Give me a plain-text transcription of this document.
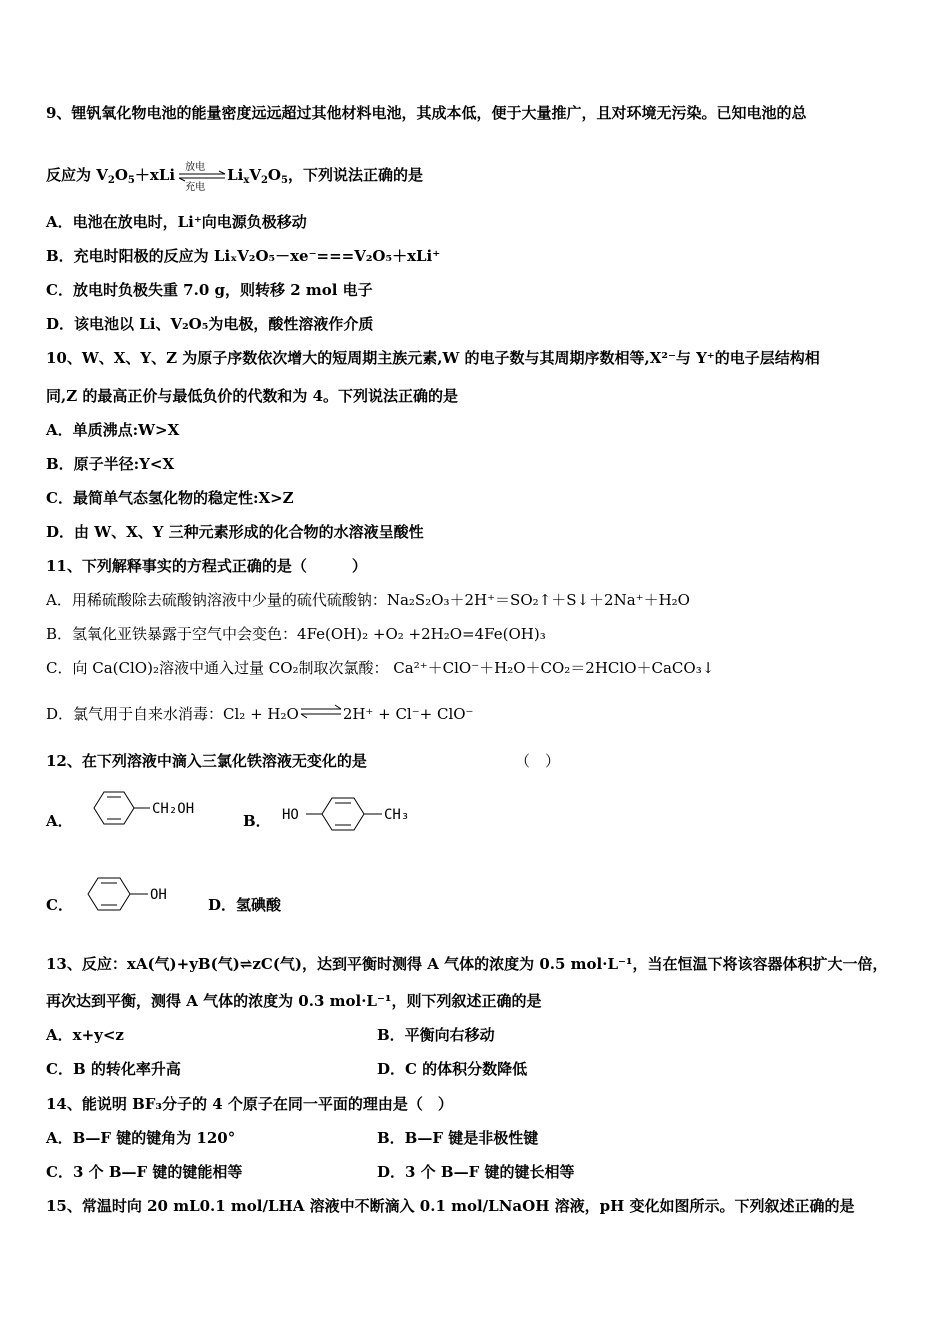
9、锂钒氧化物电池的能量密度远远超过其他材料电池，其成本低，便于大量推广，且对环境无污染。已知电池的总
反应为 $V_2O_5+xLi$ 放电
充电
$Li_xV_2O_5$，下列说法正确的是
A．电池在放电时，Li⁺向电源负极移动
B．充电时阳极的反应为 LiₓV₂O₅－xe⁻===V₂O₅＋xLi⁺
C．放电时负极失重 7.0 g，则转移 2 mol 电子
D．该电池以 Li、V₂O₅为电极，酸性溶液作介质
10、W、X、Y、Z 为原子序数依次增大的短周期主族元素,W 的电子数与其周期序数相等,X²⁻与 Y⁺的电子层结构相
同,Z 的最高正价与最低负价的代数和为 4。下列说法正确的是
A．单质沸点:W>X
B．原子半径:Y<X
C．最简单气态氢化物的稳定性:X>Z
D．由 W、X、Y 三种元素形成的化合物的水溶液呈酸性
11、下列解释事实的方程式正确的是（　　　）
A．用稀硫酸除去硫酸钠溶液中少量的硫代硫酸钠：Na₂S₂O₃＋2H⁺＝SO₂↑＋S↓＋2Na⁺＋H₂O
B．氢氧化亚铁暴露于空气中会变色：4Fe(OH)₂ +O₂ +2H₂O=4Fe(OH)₃
C．向 Ca(ClO)₂溶液中通入过量 CO₂制取次氯酸： Ca²⁺＋ClO⁻＋H₂O＋CO₂＝2HClO＋CaCO₃↓
D．氯气用于自来水消毒：Cl₂ + H₂O⇌2H⁺ + Cl⁻+ ClO⁻
12、在下列溶液中滴入三氯化铁溶液无变化的是	（　）
A．
CH₂OH
B． HO	CH₃
C．
OH
D．氢碘酸
13、反应：xA(气)+yB(气)⇌zC(气)，达到平衡时测得 A 气体的浓度为 0.5 mol·L⁻¹，当在恒温下将该容器体积扩大一倍，
再次达到平衡，测得 A 气体的浓度为 0.3 mol·L⁻¹，则下列叙述正确的是
A．x+y<z	B．平衡向右移动
C．B 的转化率升高	D．C 的体积分数降低
14、能说明 BF₃分子的 4 个原子在同一平面的理由是（　）
A．B—F 键的键角为 120°	B．B—F 键是非极性键
C．3 个 B—F 键的键能相等	D．3 个 B—F 键的键长相等
15、常温时向 20 mL0.1 mol/LHA 溶液中不断滴入 0.1 mol/LNaOH 溶液，pH 变化如图所示。下列叙述正确的是
